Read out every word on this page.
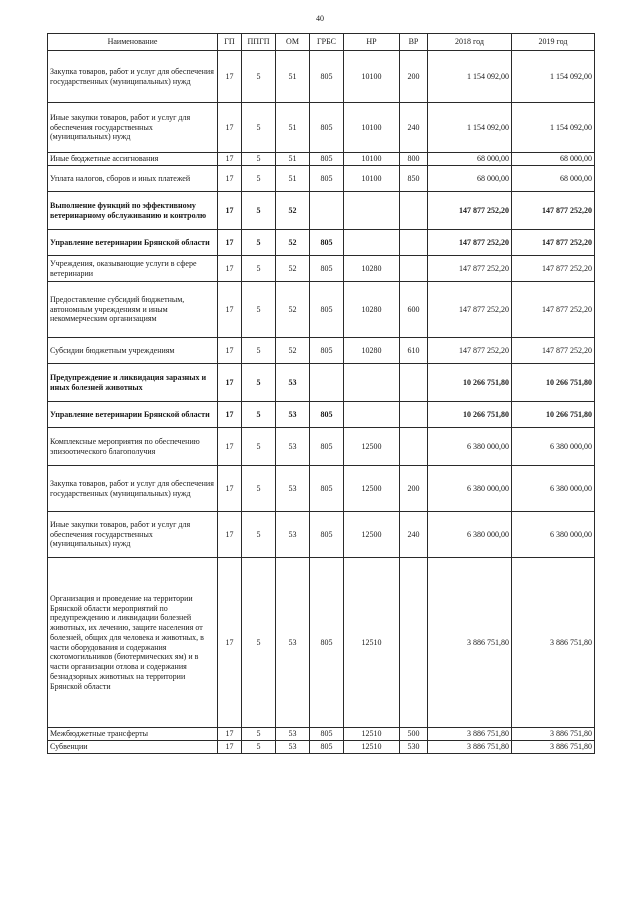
40
Наименование	ГП	ППГП	ОМ	ГРБС	НР	ВР	2018 год	2019 год
Закупка товаров, работ и услуг для обеспечения государственных (муниципальных) нужд	17	5	51	805	10100	200	1 154 092,00	1 154 092,00
Иные закупки товаров, работ и услуг для обеспечения государственных (муниципальных) нужд	17	5	51	805	10100	240	1 154 092,00	1 154 092,00
Иные бюджетные ассигнования	17	5	51	805	10100	800	68 000,00	68 000,00
Уплата налогов, сборов и иных платежей	17	5	51	805	10100	850	68 000,00	68 000,00
Выполнение функций по эффективному ветеринарному обслуживанию и контролю	17	5	52				147 877 252,20	147 877 252,20
Управление ветеринарии Брянской области	17	5	52	805			147 877 252,20	147 877 252,20
Учреждения, оказывающие услуги в сфере ветеринарии	17	5	52	805	10280		147 877 252,20	147 877 252,20
Предоставление субсидий бюджетным, автономным учреждениям и иным некоммерческим организациям	17	5	52	805	10280	600	147 877 252,20	147 877 252,20
Субсидии бюджетным учреждениям	17	5	52	805	10280	610	147 877 252,20	147 877 252,20
Предупреждение и ликвидация заразных и иных болезней животных	17	5	53				10 266 751,80	10 266 751,80
Управление ветеринарии Брянской области	17	5	53	805			10 266 751,80	10 266 751,80
Комплексные мероприятия по обеспечению эпизоотического благополучия	17	5	53	805	12500		6 380 000,00	6 380 000,00
Закупка товаров, работ и услуг для обеспечения государственных (муниципальных) нужд	17	5	53	805	12500	200	6 380 000,00	6 380 000,00
Иные закупки товаров, работ и услуг для обеспечения государственных (муниципальных) нужд	17	5	53	805	12500	240	6 380 000,00	6 380 000,00
Организация и проведение на территории Брянской области мероприятий по предупреждению и ликвидации болезней животных, их лечению, защите населения от болезней, общих для человека и животных, в части оборудования и содержания скотомогильников (биотермических ям) и в части организации отлова и содержания безнадзорных животных на территории Брянской области	17	5	53	805	12510		3 886 751,80	3 886 751,80
Межбюджетные трансферты	17	5	53	805	12510	500	3 886 751,80	3 886 751,80
Субвенции	17	5	53	805	12510	530	3 886 751,80	3 886 751,80
